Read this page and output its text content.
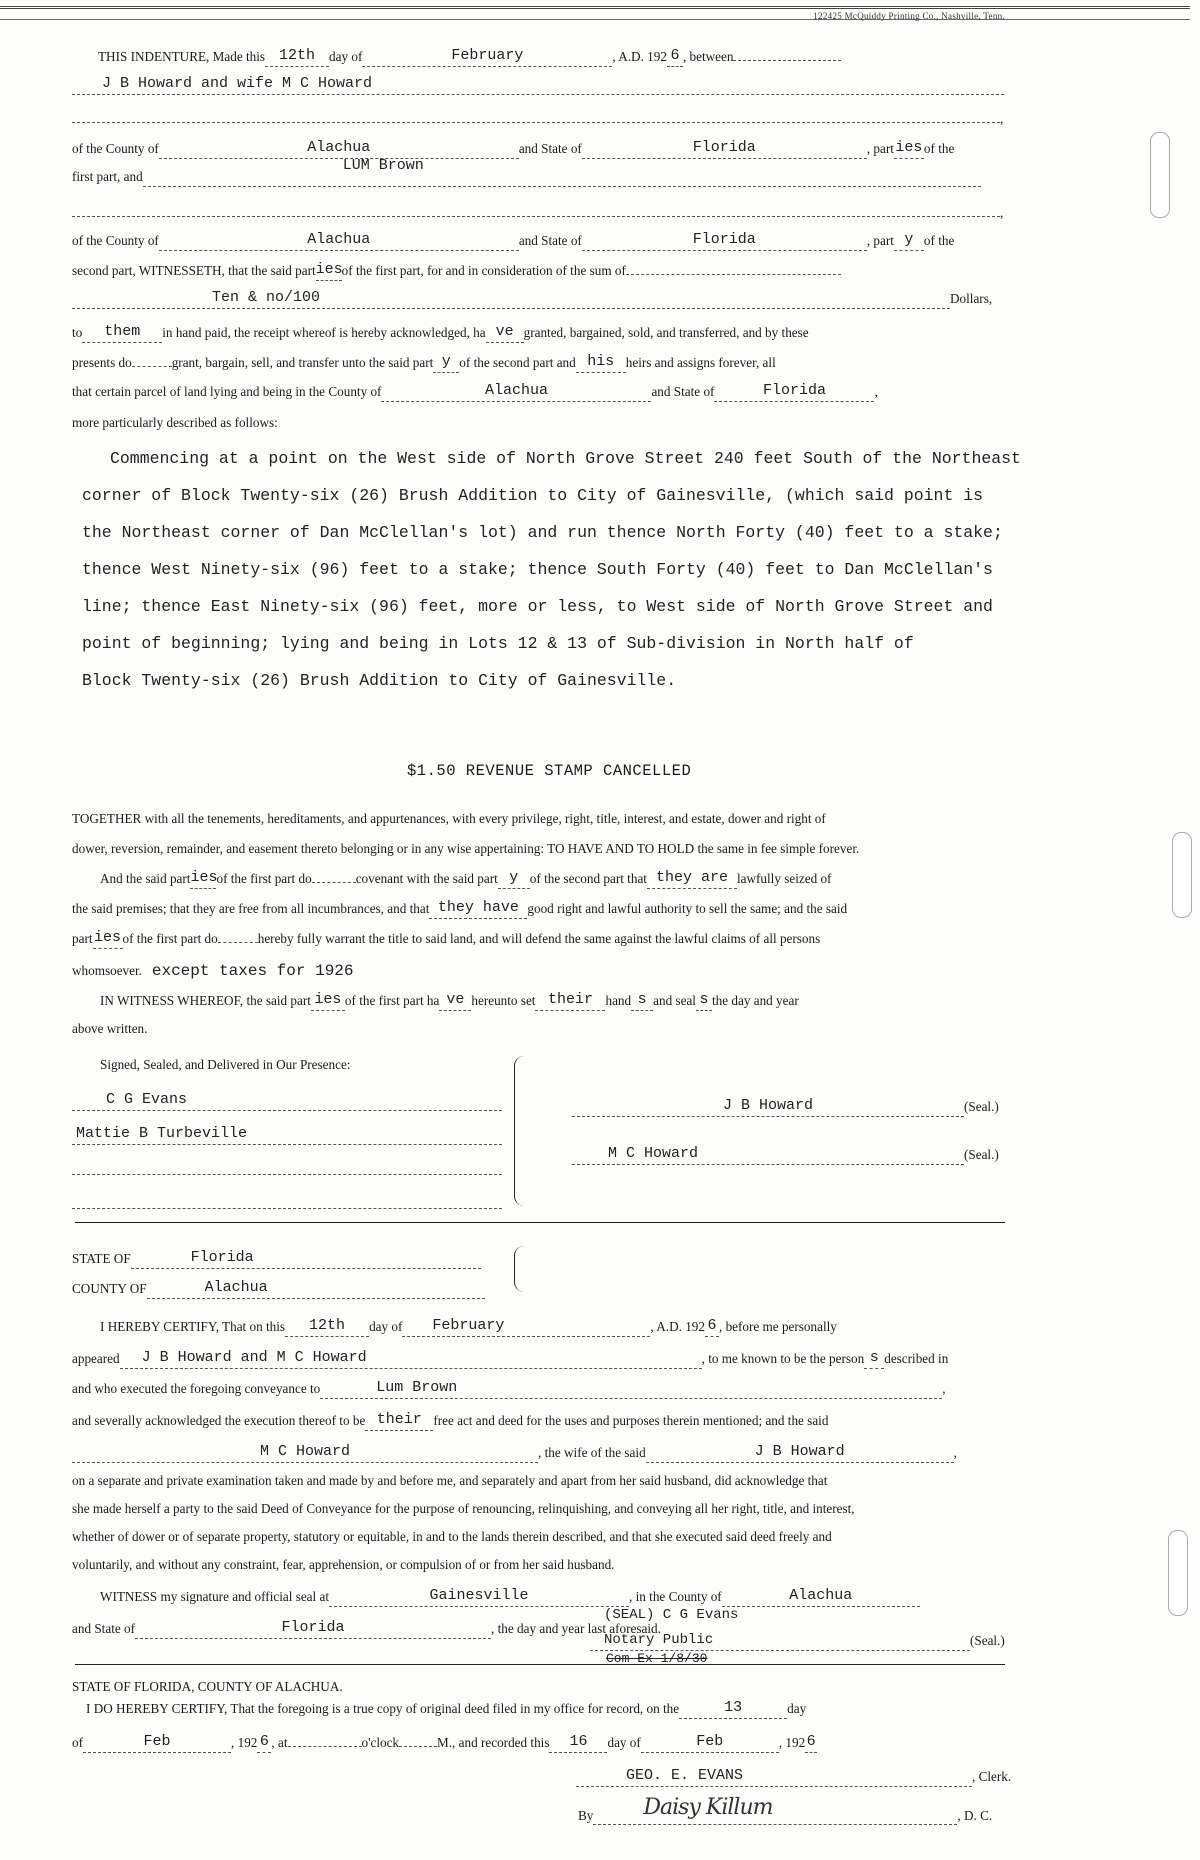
122425 McQuiddy Printing Co., Nashville, Tenn.
THIS INDENTURE, Made this 12th day of	February	, A.D. 192 6 , between
J B Howard and wife M C Howard
,
of the County of	Alachua	and State of	Florida	, parties of the
first part, andLUM Brown
,
of the County of	Alachua	and State of	Florida	, part y of the
second part, WITNESSETH, that the said partiesof the first part, for and in consideration of the sum of
Ten & no/100	Dollars,
to them in hand paid, the receipt whereof is hereby acknowledged, ha ve granted, bargained, sold, and transferred, and by these
presents do	grant, bargain, sell, and transfer unto the said part y of the second part and his heirs and assigns forever, all
that certain parcel of land lying and being in the County of	Alachua	and State of	Florida	,
more particularly described as follows:
Commencing at a point on the West side of North Grove Street 240 feet South of the Northeast
corner of Block Twenty-six (26) Brush Addition to City of Gainesville, (which said point is
the Northeast corner of Dan McClellan's lot) and run thence North Forty (40) feet to a stake;
thence West Ninety-six (96) feet to a stake; thence South Forty (40) feet to Dan McClellan's
line; thence East Ninety-six (96) feet, more or less, to West side of North Grove Street and
point of beginning; lying and being in Lots 12 & 13 of Sub-division in North half of
Block Twenty-six (26) Brush Addition to City of Gainesville.
$1.50 REVENUE STAMP CANCELLED
TOGETHER with all the tenements, hereditaments, and appurtenances, with every privilege, right, title, interest, and estate, dower and right of
dower, reversion, remainder, and easement thereto belonging or in any wise appertaining: TO HAVE AND TO HOLD the same in fee simple forever.
And the said partiesof the first part do	covenant with the said part y of the second part that they are lawfully seized of
the said premises; that they are free from all incumbrances, and that they have good right and lawful authority to sell the same; and the said
parties of the first part do	hereby fully warrant the title to said land, and will defend the same against the lawful claims of all persons
whomsoever. except taxes for 1926
IN WITNESS WHEREOF, the said part ies of the first part ha ve hereunto set their hand s and seal s the day and year
above written.
Signed, Sealed, and Delivered in Our Presence:
C G Evans
Mattie B Turbeville
J B Howard	(Seal.)
M C Howard	(Seal.)
STATE OF	Florida
COUNTY OF	Alachua
I HEREBY CERTIFY, That on this 12th day of February	, A.D. 192 6 , before me personally
appeared J B Howard and M C Howard	, to me known to be the person s described in
and who executed the foregoing conveyance to	Lum Brown	,
and severally acknowledged the execution thereof to be their free act and deed for the uses and purposes therein mentioned; and the said
M C Howard	, the wife of the said	J B Howard	,
on a separate and private examination taken and made by and before me, and separately and apart from her said husband, did acknowledge that
she made herself a party to the said Deed of Conveyance for the purpose of renouncing, relinquishing, and conveying all her right, title, and interest,
whether of dower or of separate property, statutory or equitable, in and to the lands therein described, and that she executed said deed freely and
voluntarily, and without any constraint, fear, apprehension, or compulsion of or from her said husband.
WITNESS my signature and official seal at	Gainesville	, in the County of	Alachua
and State of	Florida	, the day and year last aforesaid.
(SEAL) C G Evans
Notary Public	(Seal.)
Com Ex 1/8/30
STATE OF FLORIDA, COUNTY OF ALACHUA.
I DO HEREBY CERTIFY, That the foregoing is a true copy of original deed filed in my office for record, on the	13	day
of	Feb	, 192 6 , at	o'clock	M., and recorded this 16 day of	Feb	, 1926
GEO. E. EVANS	, Clerk.
By Daisy Killum	, D. C.
